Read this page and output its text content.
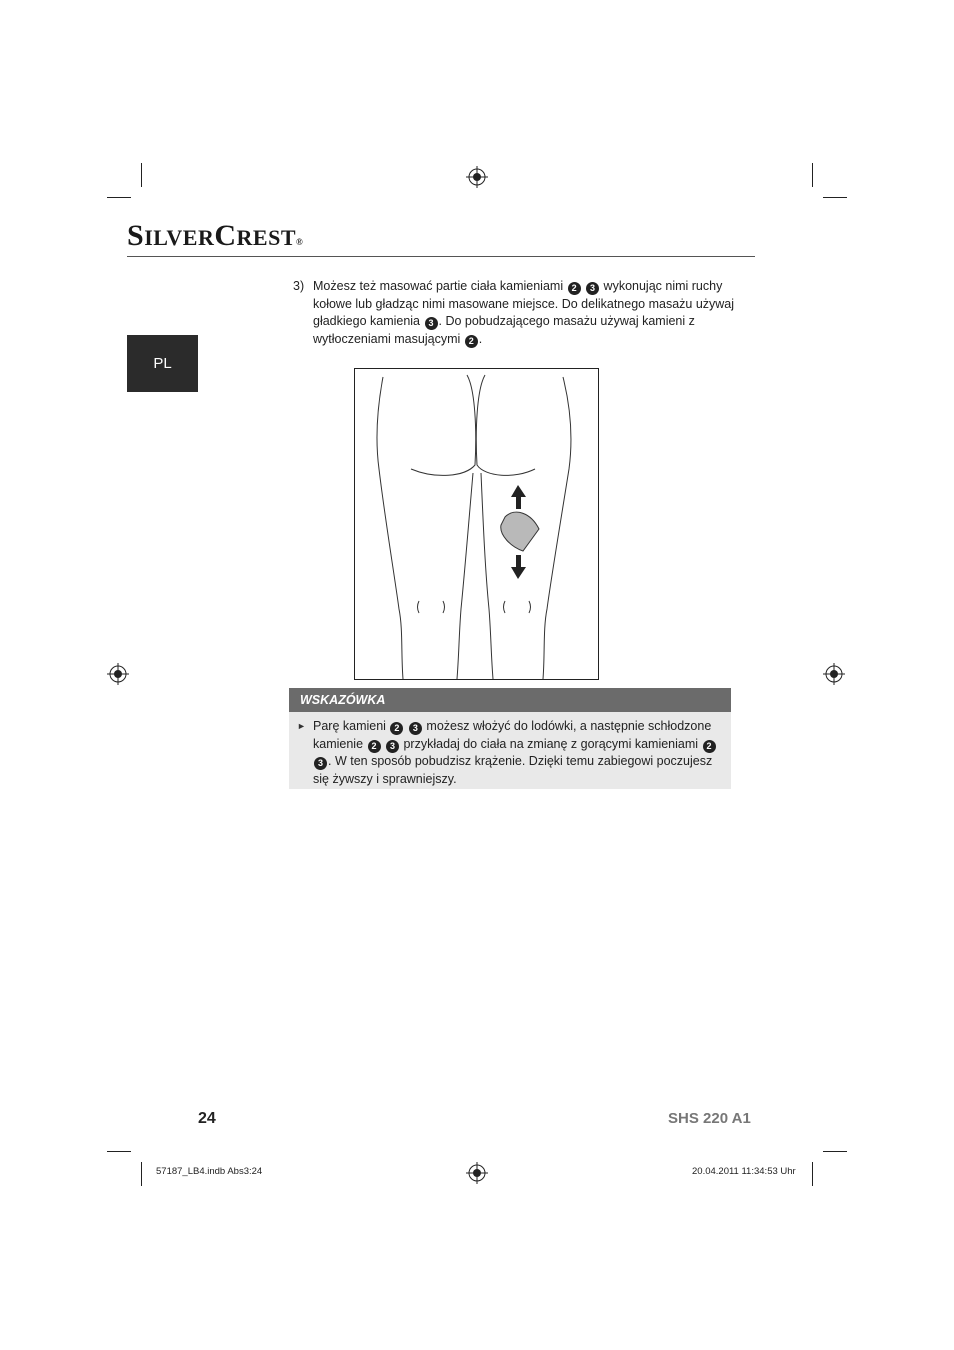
SILVERCREST®
PL
3) Możesz też masować partie ciała kamieniami 2 3 wykonując nimi ruchy kołowe lub gładząc nimi masowane miejsce. Do delikatnego masażu używaj gładkiego kamienia 3 . Do pobudzającego masażu używaj kamieni z wytłoczeniami masującymi 2 .
WSKAZÓWKA
► Parę kamieni 2 3 możesz włożyć do lodówki, a następnie schłodzone kamienie 2 3 przykładaj do ciała na zmianę z gorącymi kamieniami 2 3 . W ten sposób pobudzisz krążenie. Dzięki temu zabiegowi poczujesz się żywszy i sprawniejszy.
24	SHS 220 A1
57187_LB4.indb Abs3:24	20.04.2011 11:34:53 Uhr
